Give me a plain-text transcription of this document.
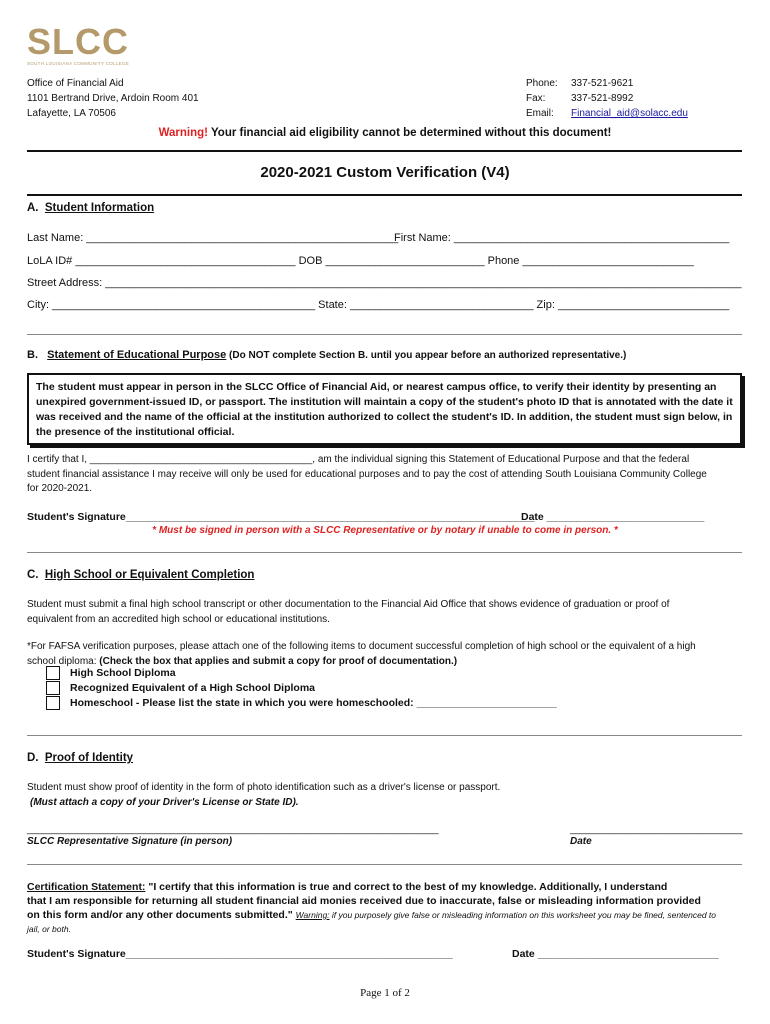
SLCC
SOUTH LOUISIANA COMMUNITY COLLEGE
Office of Financial Aid
1101 Bertrand Drive, Ardoin Room 401
Lafayette, LA 70506
Phone: 337-521-9621
Fax:	337-521-8992
Email: Financial_aid@solacc.edu
Warning! Your financial aid eligibility cannot be determined without this document!
2020-2021 Custom Verification (V4)
A. Student Information
Last Name: ___________________________________________________
First Name: _____________________________________________
LoLA ID# ____________________________________ DOB __________________________ Phone ____________________________
Street Address: ________________________________________________________________________________________________________
City: ___________________________________________ State: ______________________________ Zip: ____________________________
B. Statement of Educational Purpose (Do NOT complete Section B. until you appear before an authorized representative.)
The student must appear in person in the SLCC Office of Financial Aid, or nearest campus office, to verify their identity by presenting an unexpired government-issued ID, or passport. The institution will maintain a copy of the student's photo ID that is annotated with the date it was received and the name of the official at the institution authorized to collect the student's ID. In addition, the student must sign below, in the presence of the institutional official.
I certify that I, ________________________________________, am the individual signing this Statement of Educational Purpose and that the federal
student financial assistance I may receive will only be used for educational purposes and to pay the cost of attending South Louisiana Community College
for 2020-2021.
Student's Signature______________________________________________________________________
Date ___________________________
* Must be signed in person with a SLCC Representative or by notary if unable to come in person. *
C. High School or Equivalent Completion
Student must submit a final high school transcript or other documentation to the Financial Aid Office that shows evidence of graduation or proof of
equivalent from an accredited high school or educational institutions.
*For FAFSA verification purposes, please attach one of the following items to document successful completion of high school or the equivalent of a high
school diploma: (Check the box that applies and submit a copy for proof of documentation.)
High School Diploma
Recognized Equivalent of a High School Diploma
Homeschool - Please list the state in which you were homeschooled: ________________________
D. Proof of Identity
Student must show proof of identity in the form of photo identification such as a driver's license or passport.
(Must attach a copy of your Driver's License or State ID).
__________________________________________________________________________
SLCC Representative Signature (in person)
_______________________________
Date
Certification Statement: "I certify that this information is true and correct to the best of my knowledge. Additionally, I understand
that I am responsible for returning all student financial aid monies received due to inaccurate, false or misleading information provided
on this form and/or any other documents submitted." Warning: if you purposely give false or misleading information on this worksheet you may be fined, sentenced to
jail, or both.
Student's Signature________________________________________________________	Date _______________________________
Page 1 of 2
